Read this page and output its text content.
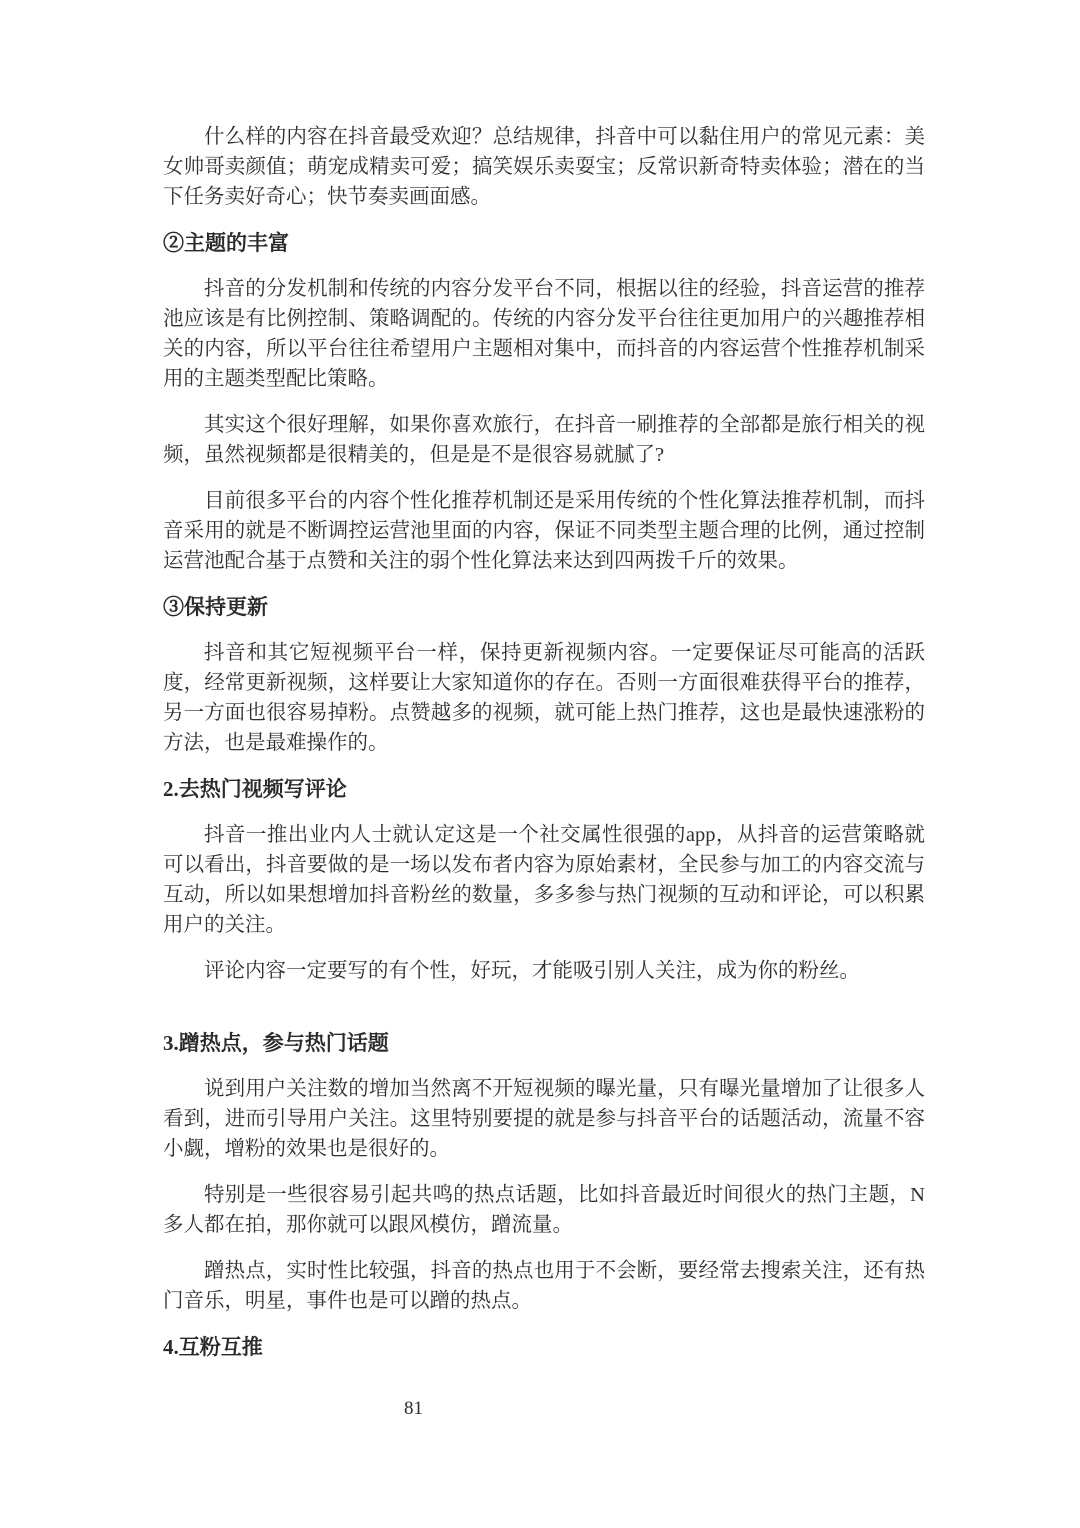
什么样的内容在抖音最受欢迎？总结规律，抖音中可以黏住用户的常见元素：美女帅哥卖颜值；萌宠成精卖可爱；搞笑娱乐卖耍宝；反常识新奇特卖体验；潜在的当下任务卖好奇心；快节奏卖画面感。

②主题的丰富

抖音的分发机制和传统的内容分发平台不同，根据以往的经验，抖音运营的推荐池应该是有比例控制、策略调配的。传统的内容分发平台往往更加用户的兴趣推荐相关的内容，所以平台往往希望用户主题相对集中，而抖音的内容运营个性推荐机制采用的主题类型配比策略。

其实这个很好理解，如果你喜欢旅行，在抖音一刷推荐的全部都是旅行相关的视频，虽然视频都是很精美的，但是是不是很容易就腻了?

目前很多平台的内容个性化推荐机制还是采用传统的个性化算法推荐机制，而抖音采用的就是不断调控运营池里面的内容，保证不同类型主题合理的比例，通过控制运营池配合基于点赞和关注的弱个性化算法来达到四两拨千斤的效果。

③保持更新

抖音和其它短视频平台一样，保持更新视频内容。一定要保证尽可能高的活跃度，经常更新视频，这样要让大家知道你的存在。否则一方面很难获得平台的推荐，另一方面也很容易掉粉。点赞越多的视频，就可能上热门推荐，这也是最快速涨粉的方法，也是最难操作的。

2.去热门视频写评论

抖音一推出业内人士就认定这是一个社交属性很强的app，从抖音的运营策略就可以看出，抖音要做的是一场以发布者内容为原始素材，全民参与加工的内容交流与互动，所以如果想增加抖音粉丝的数量，多多参与热门视频的互动和评论，可以积累用户的关注。

评论内容一定要写的有个性，好玩，才能吸引别人关注，成为你的粉丝。

3.蹭热点，参与热门话题

说到用户关注数的增加当然离不开短视频的曝光量，只有曝光量增加了让很多人看到，进而引导用户关注。这里特别要提的就是参与抖音平台的话题活动，流量不容小觑，增粉的效果也是很好的。

特别是一些很容易引起共鸣的热点话题，比如抖音最近时间很火的热门主题，N多人都在拍，那你就可以跟风模仿，蹭流量。

蹭热点，实时性比较强，抖音的热点也用于不会断，要经常去搜索关注，还有热门音乐，明星，事件也是可以蹭的热点。

4.互粉互推
81
